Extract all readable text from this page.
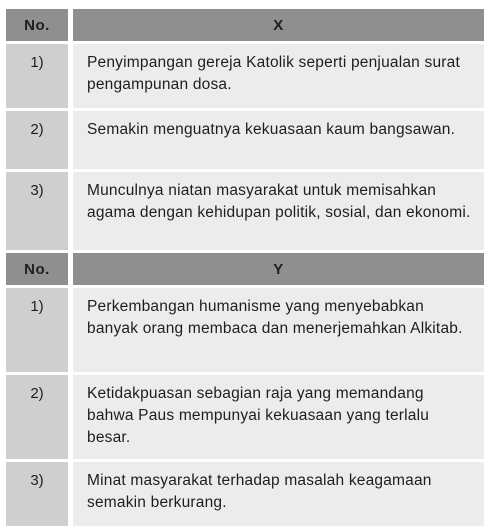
No.		X
1)		Penyimpangan gereja Katolik seperti penjualan surat pengampunan dosa.
2)		Semakin menguatnya kekuasaan kaum bangsawan.
3)		Munculnya niatan masyarakat untuk memisahkan agama dengan kehidupan politik, sosial, dan ekonomi.
No.		Y
1)		Perkembangan humanisme yang menyebabkan banyak orang membaca dan menerjemahkan Alkitab.
2)		Ketidakpuasan sebagian raja yang memandang bahwa Paus mempunyai kekuasaan yang terlalu besar.
3)		Minat masyarakat terhadap masalah keagamaan semakin berkurang.
